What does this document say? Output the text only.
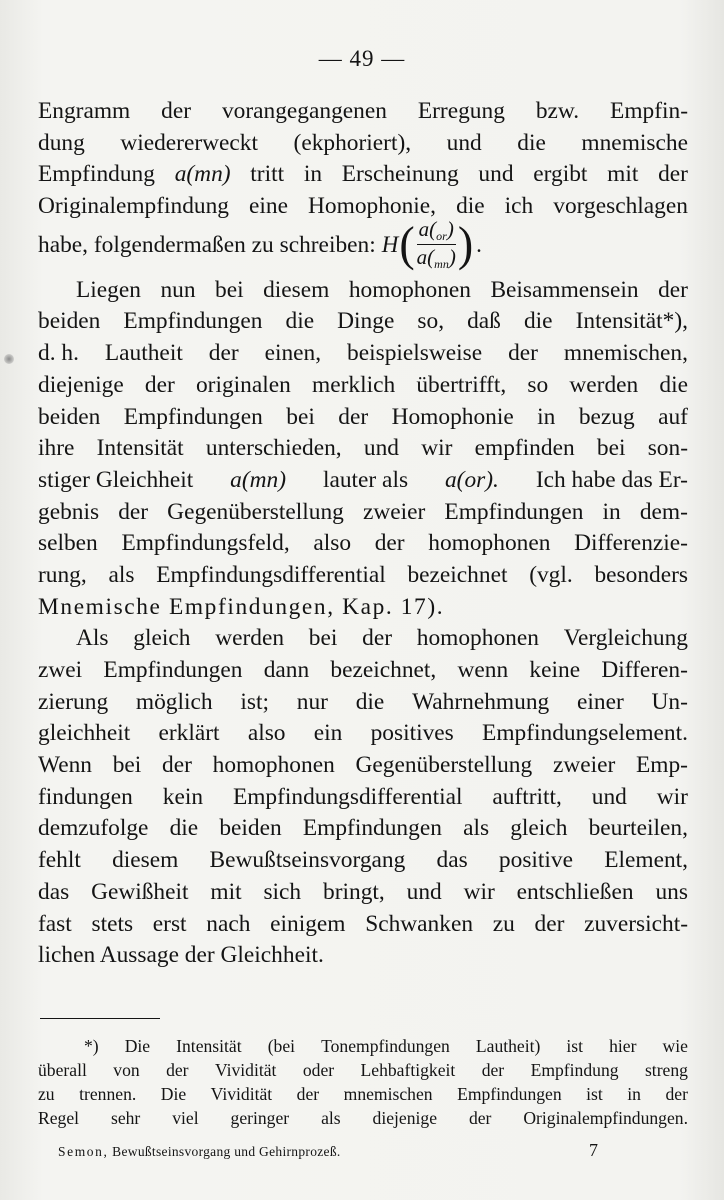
— 49 —
Engramm der vorangegangenen Erregung bzw. Empfin-
dung wiedererweckt (ekphoriert), und die mnemische
Empfindung a(mn) tritt in Erscheinung und ergibt mit der
Originalempfindung eine Homophonie, die ich vorgeschlagen
habe, folgendermaßen zu schreiben: H ( $\frac{a(_{or})}{a(_{mn})}$ ) .
Liegen nun bei diesem homophonen Beisammensein der
beiden Empfindungen die Dinge so, daß die Intensität*),
d. h. Lautheit der einen, beispielsweise der mnemischen,
diejenige der originalen merklich übertrifft, so werden die
beiden Empfindungen bei der Homophonie in bezug auf
ihre Intensität unterschieden, und wir empfinden bei son-
stiger Gleichheit a(mn) lauter als a(or). Ich habe das Er-
gebnis der Gegenüberstellung zweier Empfindungen in dem-
selben Empfindungsfeld, also der homophonen Differenzie-
rung, als Empfindungsdifferential bezeichnet (vgl. besonders
Mnemische Empfindungen, Kap. 17).
Als gleich werden bei der homophonen Vergleichung
zwei Empfindungen dann bezeichnet, wenn keine Differen-
zierung möglich ist; nur die Wahrnehmung einer Un-
gleichheit erklärt also ein positives Empfindungselement.
Wenn bei der homophonen Gegenüberstellung zweier Emp-
findungen kein Empfindungsdifferential auftritt, und wir
demzufolge die beiden Empfindungen als gleich beurteilen,
fehlt diesem Bewußtseinsvorgang das positive Element,
das Gewißheit mit sich bringt, und wir entschließen uns
fast stets erst nach einigem Schwanken zu der zuversicht-
lichen Aussage der Gleichheit.
*) Die Intensität (bei Tonempfindungen Lautheit) ist hier wie
überall von der Vividität oder Lehbaftigkeit der Empfindung streng
zu trennen. Die Vividität der mnemischen Empfindungen ist in der
Regel sehr viel geringer als diejenige der Originalempfindungen.
Semon, Bewußtseinsvorgang und Gehirnprozeß.	7
